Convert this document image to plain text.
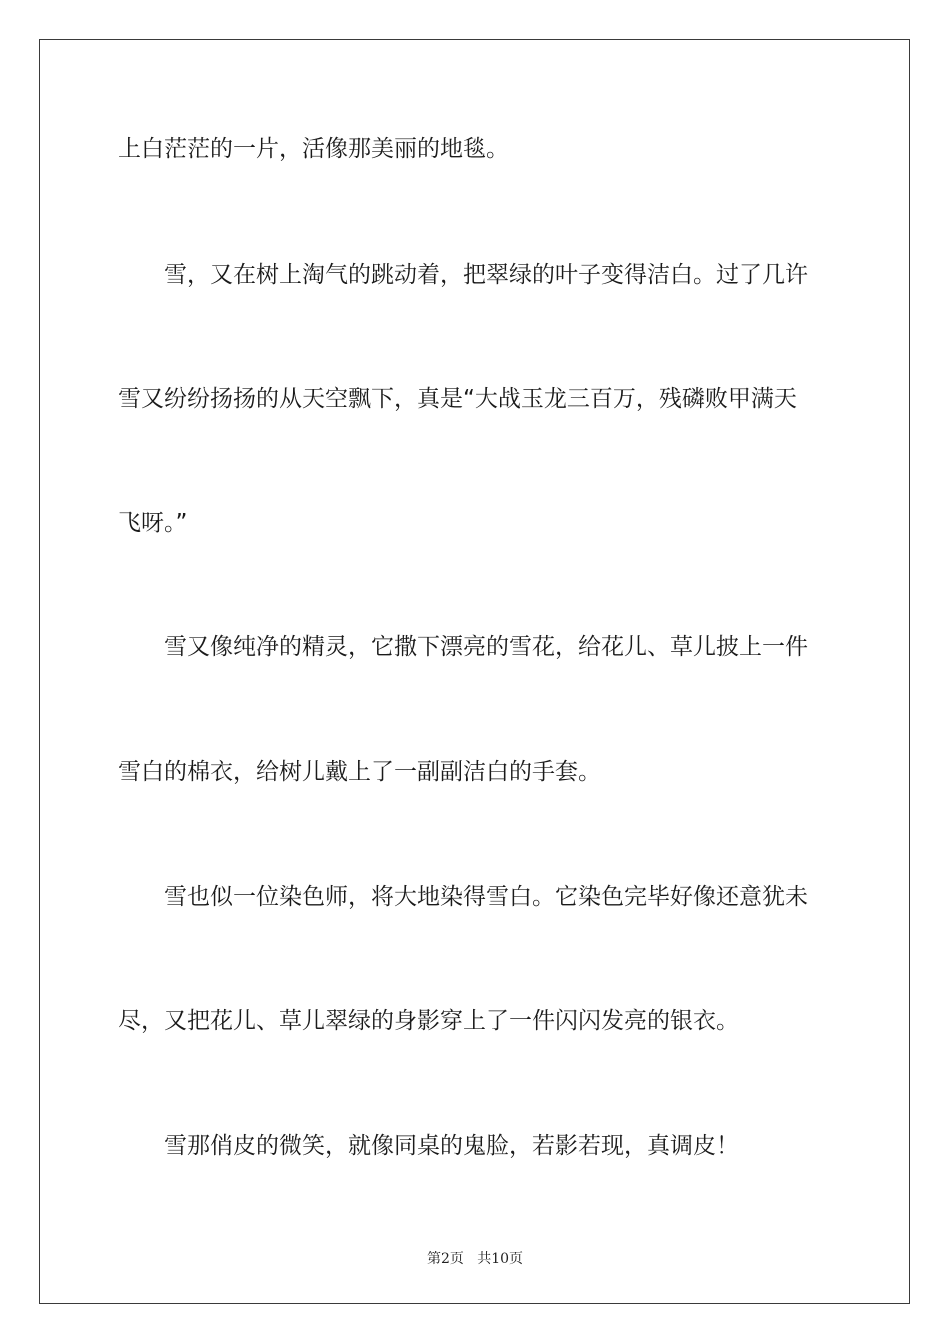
上白茫茫的一片，活像那美丽的地毯。
雪，又在树上淘气的跳动着，把翠绿的叶子变得洁白。过了几许
雪又纷纷扬扬的从天空飘下，真是“大战玉龙三百万，残磷败甲满天
飞呀。”
雪又像纯净的精灵，它撒下漂亮的雪花，给花儿、草儿披上一件
雪白的棉衣，给树儿戴上了一副副洁白的手套。
雪也似一位染色师，将大地染得雪白。它染色完毕好像还意犹未
尽，又把花儿、草儿翠绿的身影穿上了一件闪闪发亮的银衣。
雪那俏皮的微笑，就像同桌的鬼脸，若影若现，真调皮！
第2页   共10页
